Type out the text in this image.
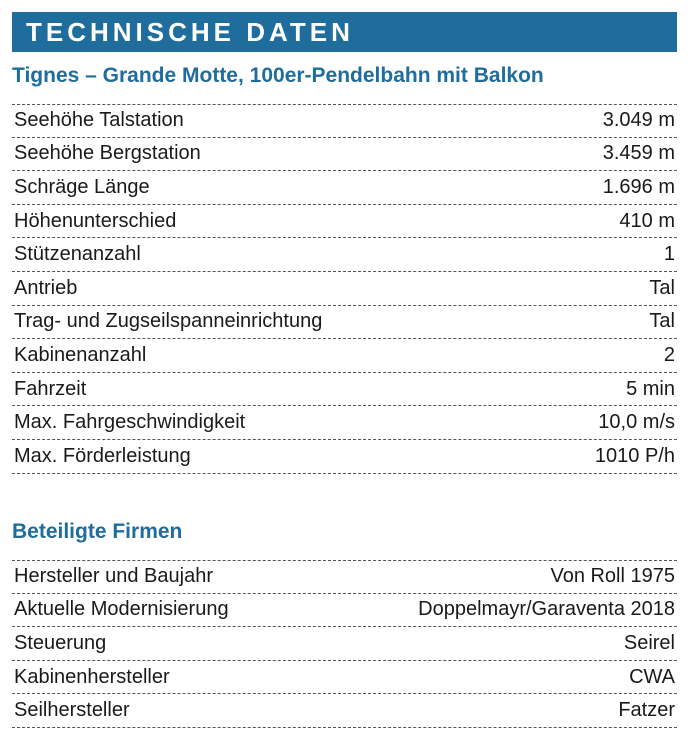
TECHNISCHE DATEN
Tignes – Grande Motte, 100er-Pendelbahn mit Balkon
Seehöhe Talstation	3.049 m
Seehöhe Bergstation	3.459 m
Schräge Länge	1.696 m
Höhenunterschied	410 m
Stützenanzahl	1
Antrieb	Tal
Trag- und Zugseilspanneinrichtung	Tal
Kabinenanzahl	2
Fahrzeit	5 min
Max. Fahrgeschwindigkeit	10,0 m/s
Max. Förderleistung	1010 P/h
Beteiligte Firmen
Hersteller und Baujahr	Von Roll 1975
Aktuelle Modernisierung	Doppelmayr/Garaventa 2018
Steuerung	Seirel
Kabinenhersteller	CWA
Seilhersteller	Fatzer
